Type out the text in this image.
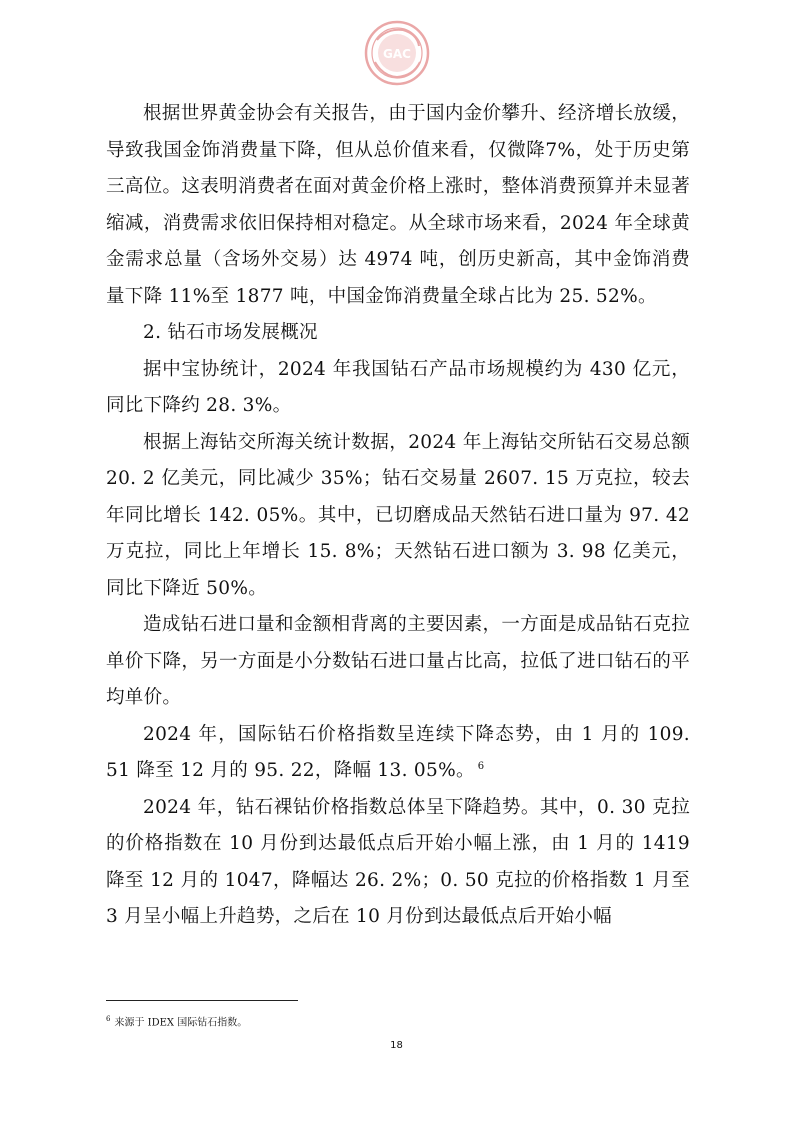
GAC

根据世界黄金协会有关报告，由于国内金价攀升、经济增长放缓，导致我国金饰消费量下降，但从总价值来看，仅微降7%，处于历史第三高位。这表明消费者在面对黄金价格上涨时，整体消费预算并未显著缩减，消费需求依旧保持相对稳定。从全球市场来看，2024 年全球黄金需求总量（含场外交易）达 4974 吨，创历史新高，其中金饰消费量下降 11%至 1877 吨，中国金饰消费量全球占比为 25. 52%。

2. 钻石市场发展概况

据中宝协统计，2024 年我国钻石产品市场规模约为 430 亿元，同比下降约 28. 3%。

根据上海钻交所海关统计数据，2024 年上海钻交所钻石交易总额 20. 2 亿美元，同比减少 35%；钻石交易量 2607. 15 万克拉，较去年同比增长 142. 05%。其中，已切磨成品天然钻石进口量为 97. 42 万克拉，同比上年增长 15. 8%；天然钻石进口额为 3. 98 亿美元，同比下降近 50%。

造成钻石进口量和金额相背离的主要因素，一方面是成品钻石克拉单价下降，另一方面是小分数钻石进口量占比高，拉低了进口钻石的平均单价。

2024 年，国际钻石价格指数呈连续下降态势，由 1 月的 109. 51 降至 12 月的 95. 22，降幅 13. 05%。 $^6$

2024 年，钻石裸钻价格指数总体呈下降趋势。其中，0. 30 克拉的价格指数在 10 月份到达最低点后开始小幅上涨，由 1 月的 1419 降至 12 月的 1047，降幅达 26. 2%；0. 50 克拉的价格指数 1 月至 3 月呈小幅上升趋势，之后在 10 月份到达最低点后开始小幅

$^6$ 来源于 IDEX 国际钻石指数。
18
